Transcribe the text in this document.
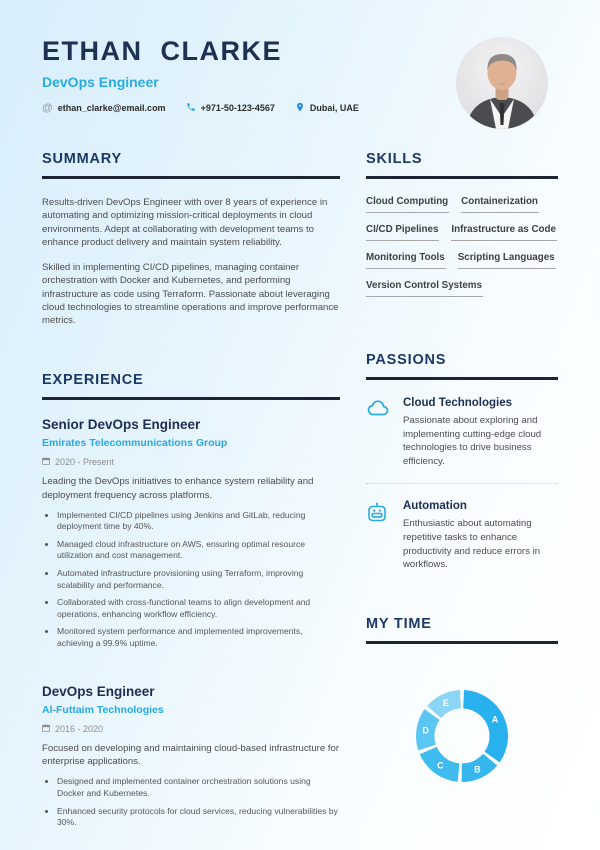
ETHAN CLARKE
DevOps Engineer
@ ethan_clarke@email.com	+971-50-123-4567	Dubai, UAE
SUMMARY

Results-driven DevOps Engineer with over 8 years of experience in automating and optimizing mission-critical deployments in cloud environments. Adept at collaborating with development teams to enhance product delivery and maintain system reliability.

Skilled in implementing CI/CD pipelines, managing container orchestration with Docker and Kubernetes, and performing infrastructure as code using Terraform. Passionate about leveraging cloud technologies to streamline operations and improve performance metrics.

EXPERIENCE
Senior DevOps Engineer
Emirates Telecommunications Group
2020 - Present
Leading the DevOps initiatives to enhance system reliability and deployment frequency across platforms.
• Implemented CI/CD pipelines using Jenkins and GitLab, reducing deployment time by 40%.
• Managed cloud infrastructure on AWS, ensuring optimal resource utilization and cost management.
• Automated infrastructure provisioning using Terraform, improving scalability and performance.
• Collaborated with cross-functional teams to align development and operations, enhancing workflow efficiency.
• Monitored system performance and implemented improvements, achieving a 99.9% uptime.
DevOps Engineer
Al-Futtaim Technologies
2016 - 2020
Focused on developing and maintaining cloud-based infrastructure for enterprise applications.
• Designed and implemented container orchestration solutions using Docker and Kubernetes.
• Enhanced security protocols for cloud services, reducing vulnerabilities by 30%.
SKILLS
Cloud Computing Containerization
CI/CD Pipelines Infrastructure as Code
Monitoring Tools Scripting Languages
Version Control Systems
PASSIONS
Cloud Technologies
Passionate about exploring and implementing cutting-edge cloud technologies to drive business efficiency.
Automation
Enthusiastic about automating repetitive tasks to enhance productivity and reduce errors in workflows.
MY TIME
A
B
C
D
E
